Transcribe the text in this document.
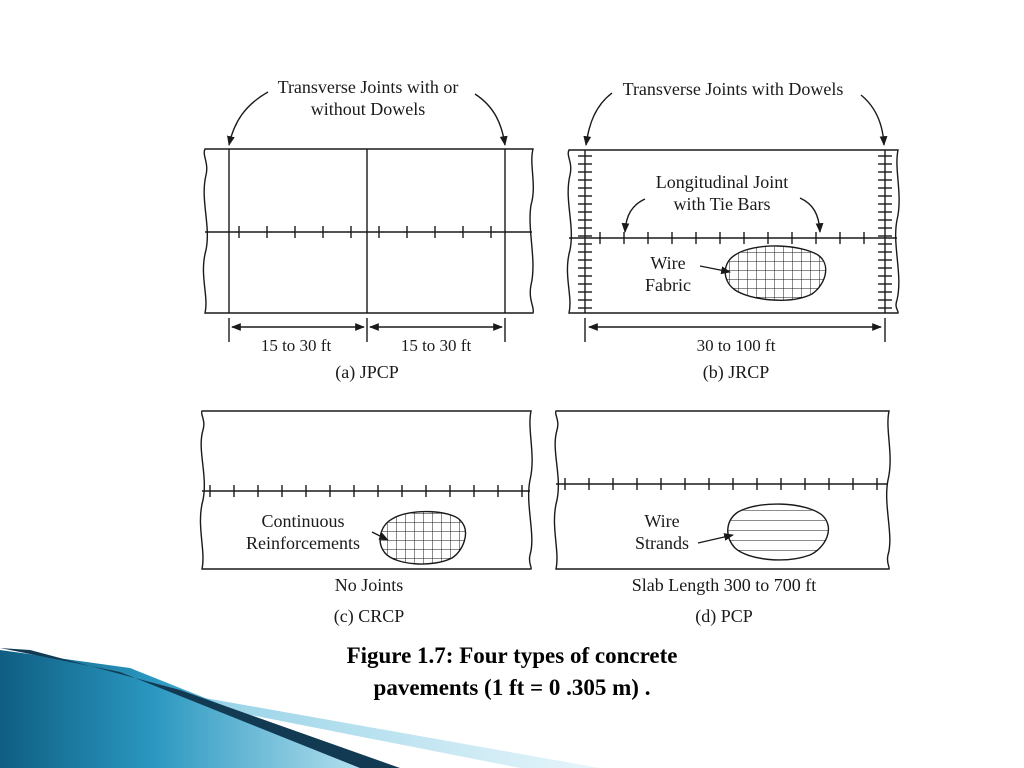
Transverse Joints with or
without Dowels
15 to 30 ft	15 to 30 ft
(a) JPCP
Transverse Joints with Dowels
Longitudinal Joint
with Tie Bars
Wire
Fabric
30 to 100 ft
(b) JRCP
Continuous
Reinforcements
No Joints
(c) CRCP
Wire
Strands
Slab Length 300 to 700 ft
(d) PCP
Figure 1.7: Four types of concrete
pavements (1 ft = 0 .305 m) .
